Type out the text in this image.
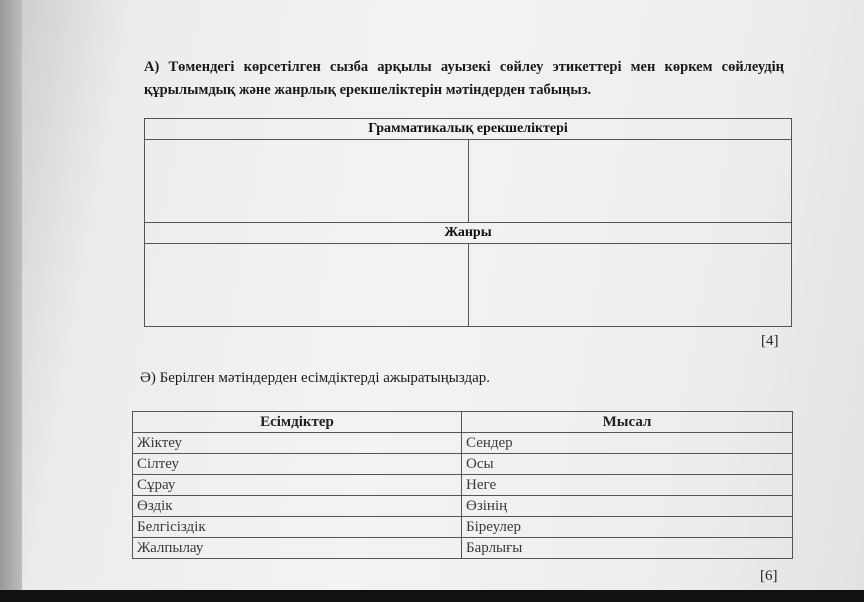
А) Төмендегі көрсетілген сызба арқылы ауызекі сөйлеу этикеттері мен көркем сөйлеудің құрылымдық және жанрлық ерекшеліктерін мәтіндерден табыңыз.
Грамматикалық ерекшеліктері	

Жанры	

[4]
Ә) Берілген мәтіндерден есімдіктерді ажыратыңыздар.
Есімдіктер	Мысал
Жіктеу	Сендер
Сілтеу	Осы
Сұрау	Неге
Өздік	Өзінің
Белгісіздік	Біреулер
Жалпылау	Барлығы
[6]
